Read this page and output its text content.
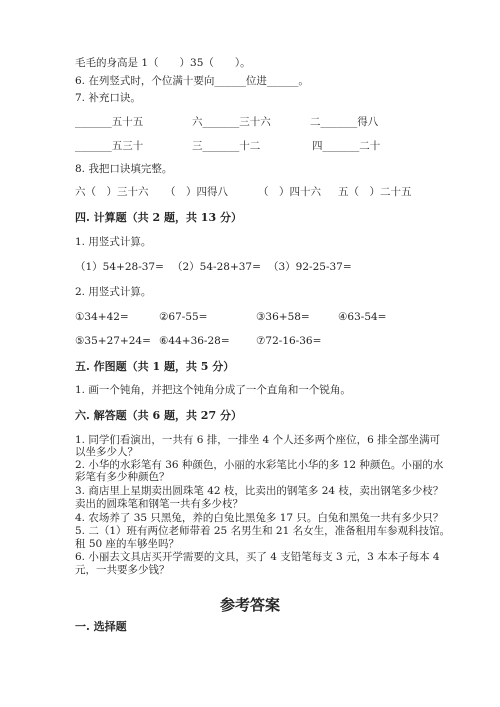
毛毛的身高是 1（　　）35（　　）。
6. 在列竖式时，个位满十要向______位进______。
7. 补充口诀。
_______五十五	六_______三十六	二_______得八
_______五三十	三_______十二	四_______二十
8. 我把口诀填完整。
六（　）三十六 （　）四得八	（　）四十六 五（　）二十五
四. 计算题（共 2 题，共 13 分）
1. 用竖式计算。
（1）54+28-37= （2）54-28+37= （3）92-25-37=
2. 用竖式计算。
①34+42=	②67-55=	③36+58=	④63-54=
⑤35+27+24= ⑥44+36-28=	⑦72-16-36=
五. 作图题（共 1 题，共 5 分）
1. 画一个钝角，并把这个钝角分成了一个直角和一个锐角。
六. 解答题（共 6 题，共 27 分）
1. 同学们看演出，一共有 6 排，一排坐 4 个人还多两个座位，6 排全部坐满可
以坐多少人？
2. 小华的水彩笔有 36 种颜色，小丽的水彩笔比小华的多 12 种颜色。小丽的水
彩笔有多少种颜色？
3. 商店里上星期卖出圆珠笔 42 枝，比卖出的钢笔多 24 枝，卖出钢笔多少枝？
卖出的圆珠笔和钢笔一共有多少枝？
4. 农场养了 35 只黑兔，养的白兔比黑兔多 17 只。白兔和黑兔一共有多少只？
5. 二（1）班有两位老师带着 25 名男生和 21 名女生，准备租用车参观科技馆。
租 50 座的车够坐吗？
6. 小丽去文具店买开学需要的文具，买了 4 支铅笔每支 3 元，3 本本子每本 4
元，一共要多少钱？
参考答案
一. 选择题
